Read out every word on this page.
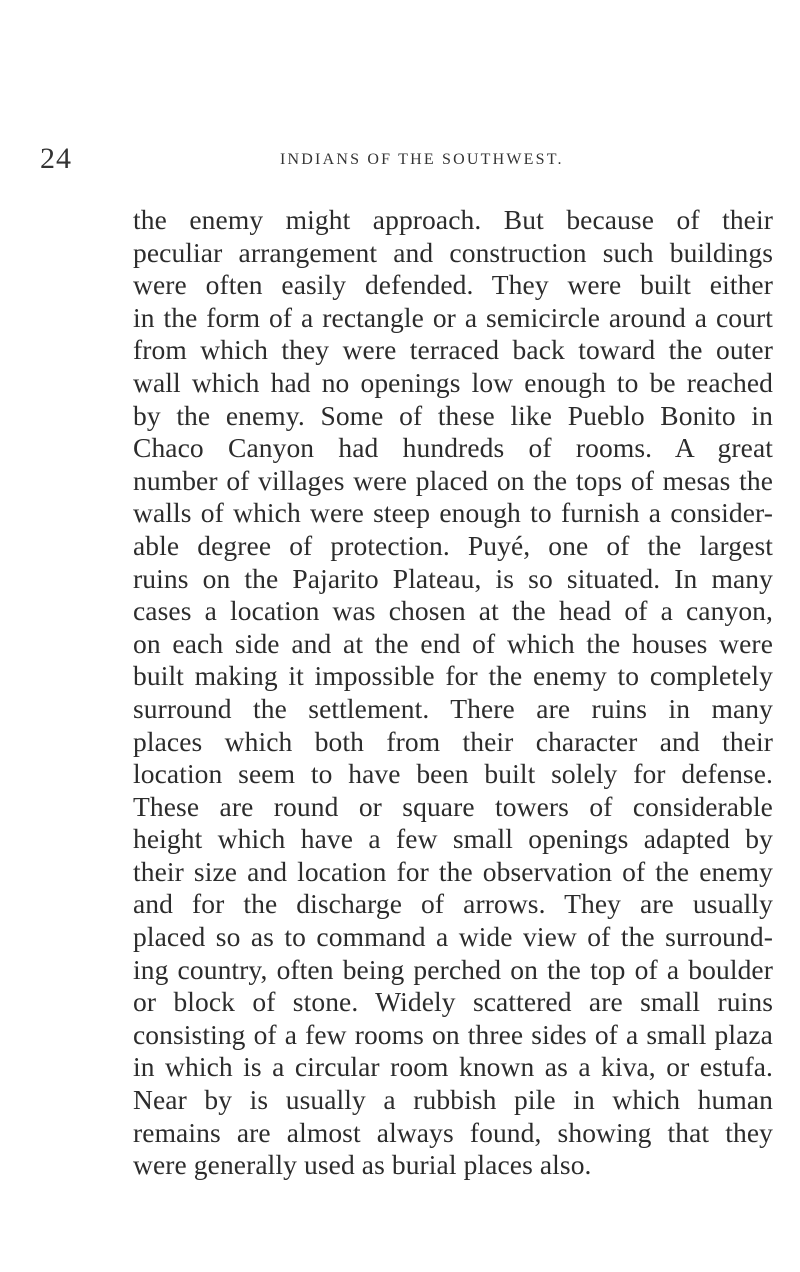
24	INDIANS OF THE SOUTHWEST.
the enemy might approach. But because of their
peculiar arrangement and construction such buildings
were often easily defended. They were built either
in the form of a rectangle or a semicircle around a court
from which they were terraced back toward the outer
wall which had no openings low enough to be reached
by the enemy. Some of these like Pueblo Bonito in
Chaco Canyon had hundreds of rooms. A great
number of villages were placed on the tops of mesas the
walls of which were steep enough to furnish a consider-
able degree of protection. Puyé, one of the largest
ruins on the Pajarito Plateau, is so situated. In many
cases a location was chosen at the head of a canyon,
on each side and at the end of which the houses were
built making it impossible for the enemy to completely
surround the settlement. There are ruins in many
places which both from their character and their
location seem to have been built solely for defense.
These are round or square towers of considerable
height which have a few small openings adapted by
their size and location for the observation of the enemy
and for the discharge of arrows. They are usually
placed so as to command a wide view of the surround-
ing country, often being perched on the top of a boulder
or block of stone. Widely scattered are small ruins
consisting of a few rooms on three sides of a small plaza
in which is a circular room known as a kiva, or estufa.
Near by is usually a rubbish pile in which human
remains are almost always found, showing that they
were generally used as burial places also.
